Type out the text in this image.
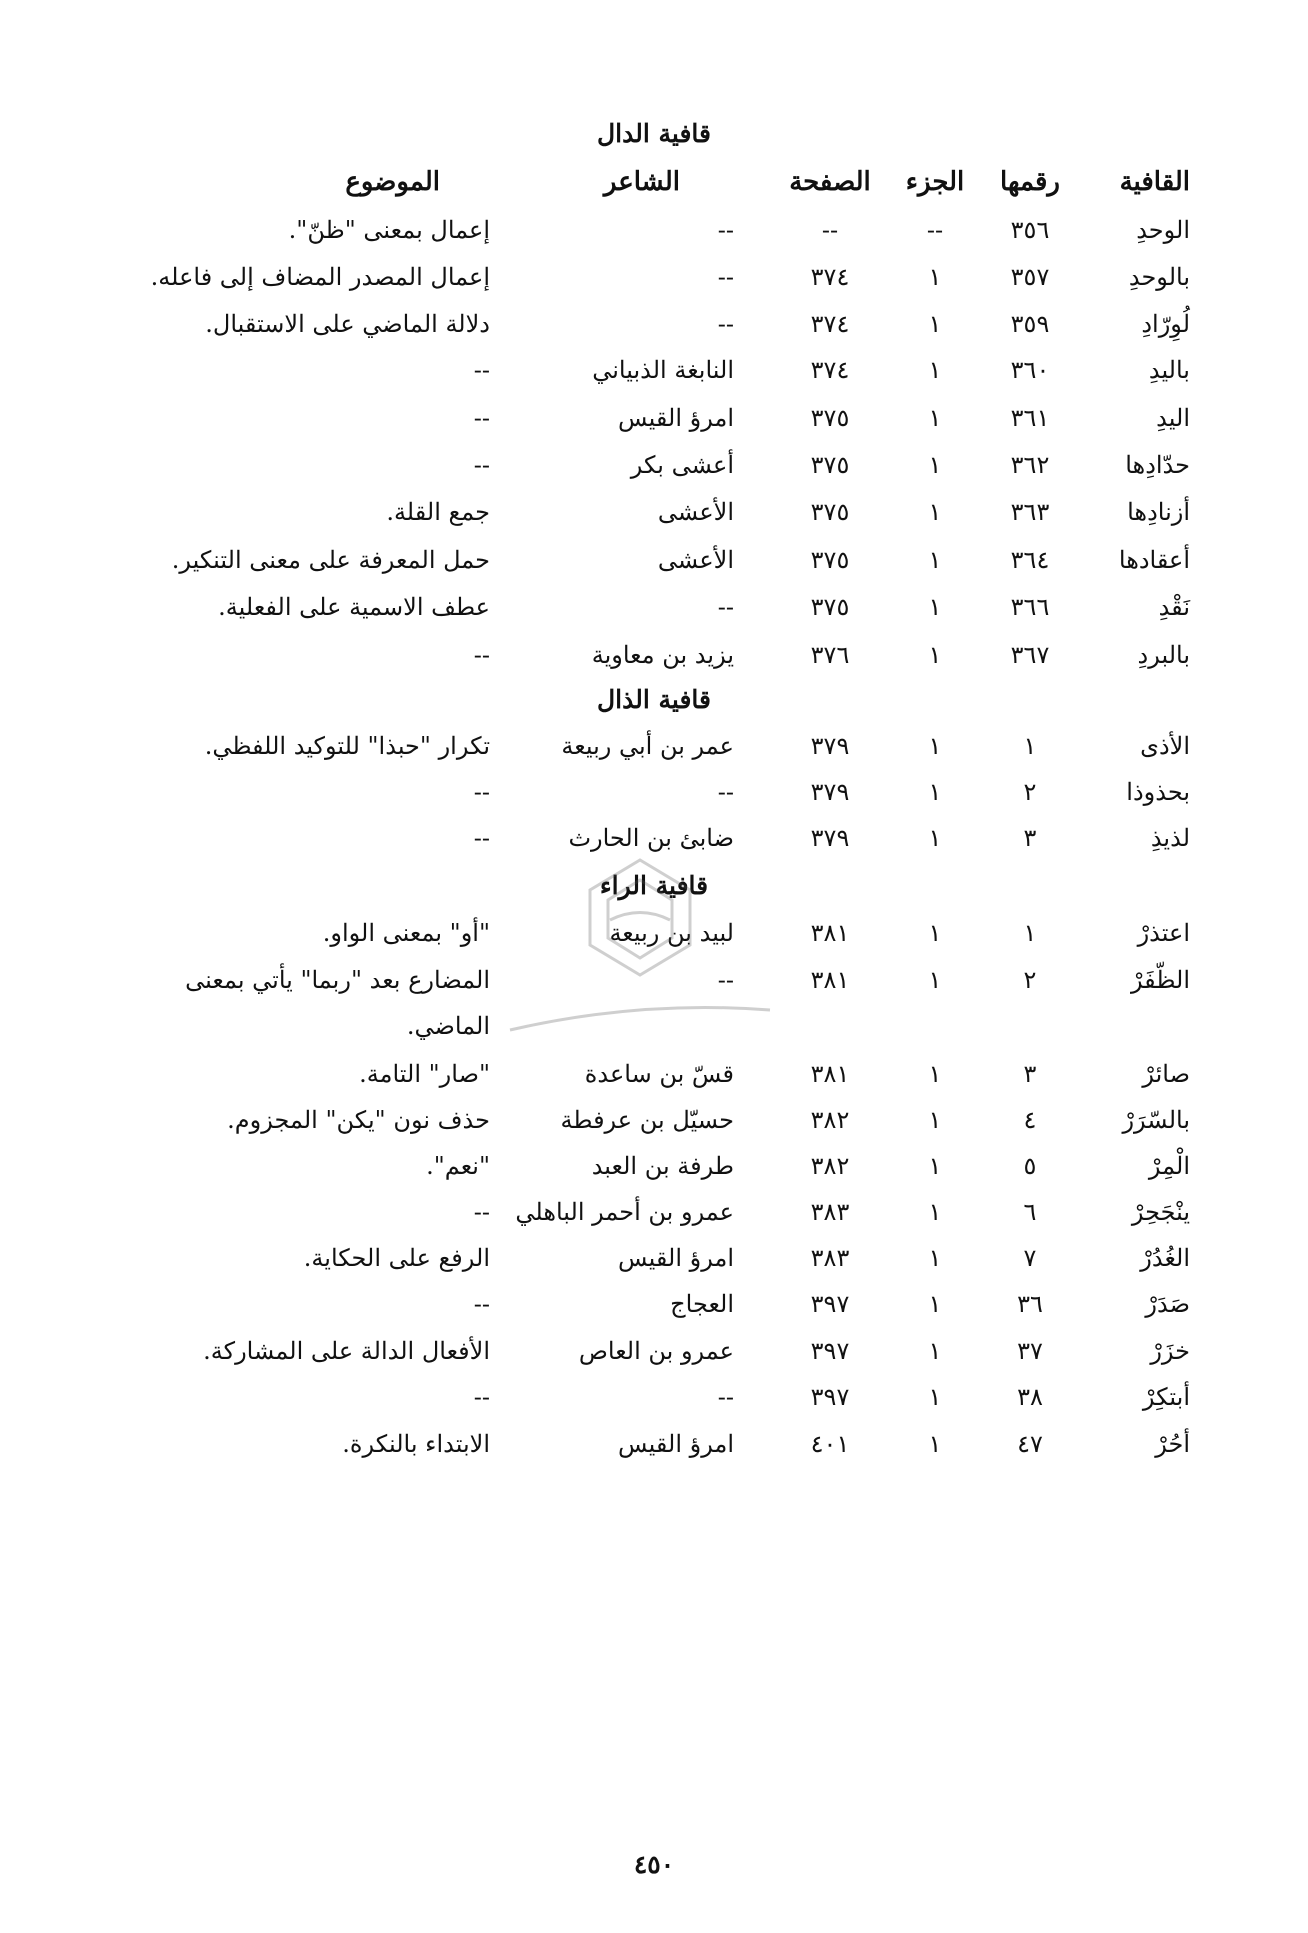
قافية الدال
القافية
رقمها
الجزء
الصفحة
الشاعر
الموضوع
الوحدِ
٣٥٦
--
--
--
إعمال بمعنى "ظنّ".
بالوحدِ
٣٥٧
١
٣٧٤
--
إعمال المصدر المضاف إلى فاعله.
لُوِرّادِ
٣٥٩
١
٣٧٤
--
دلالة الماضي على الاستقبال.
باليدِ
٣٦٠
١
٣٧٤
النابغة الذبياني
--
اليدِ
٣٦١
١
٣٧٥
امرؤ القيس
--
حدّادِها
٣٦٢
١
٣٧٥
أعشى بكر
--
أزنادِها
٣٦٣
١
٣٧٥
الأعشى
جمع القلة.
أعقادها
٣٦٤
١
٣٧٥
الأعشى
حمل المعرفة على معنى التنكير.
نَقْدِ
٣٦٦
١
٣٧٥
--
عطف الاسمية على الفعلية.
بالبردِ
٣٦٧
١
٣٧٦
يزيد بن معاوية
--
قافية الذال
الأذى
١
١
٣٧٩
عمر بن أبي ربيعة
تكرار "حبذا" للتوكيد اللفظي.
بحذوذا
٢
١
٣٧٩
--
--
لذيذِ
٣
١
٣٧٩
ضابئ بن الحارث
--
قافية الراء
اعتذرْ
١
١
٣٨١
لبيد بن ربيعة
"أو" بمعنى الواو.
الظّفَرْ
٢
١
٣٨١
--
المضارع بعد "ربما" يأتي بمعنى
الماضي.
صائرْ
٣
١
٣٨١
قسّ بن ساعدة
"صار" التامة.
بالسّرَرْ
٤
١
٣٨٢
حسيّل بن عرفطة
حذف نون "يكن" المجزوم.
الْمِرْ
٥
١
٣٨٢
طرفة بن العبد
"نعم".
ينْجَحِرْ
٦
١
٣٨٣
عمرو بن أحمر الباهلي
--
الغُدُرْ
٧
١
٣٨٣
امرؤ القيس
الرفع على الحكاية.
صَدَرْ
٣٦
١
٣٩٧
العجاج
--
خزَرْ
٣٧
١
٣٩٧
عمرو بن العاص
الأفعال الدالة على المشاركة.
أبتكِرْ
٣٨
١
٣٩٧
--
--
أحُرْ
٤٧
١
٤٠١
امرؤ القيس
الابتداء بالنكرة.
٤٥٠
